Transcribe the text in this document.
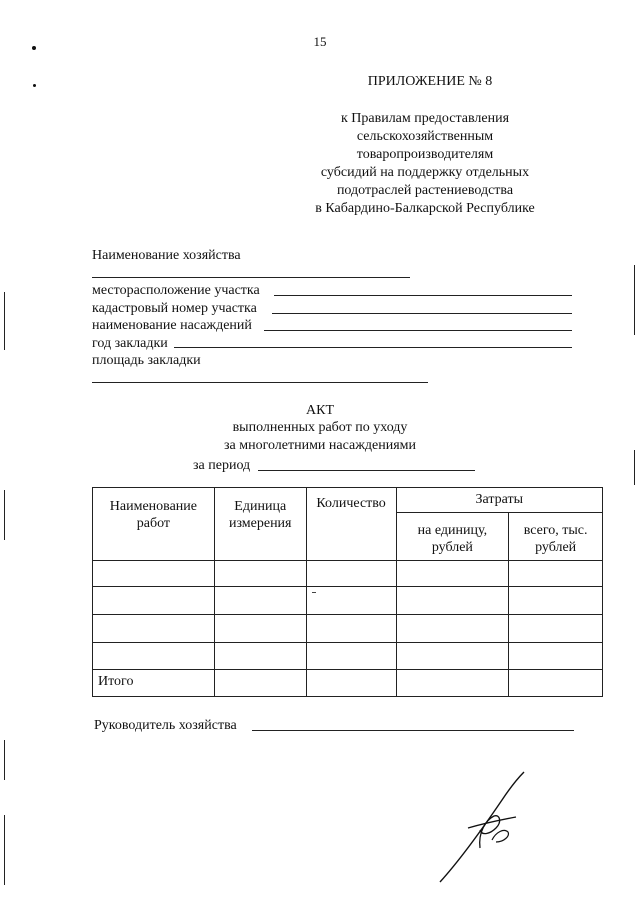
15
ПРИЛОЖЕНИЕ № 8
к Правилам предоставления
сельскохозяйственным
товаропроизводителям
субсидий на поддержку отдельных
подотраслей растениеводства
в Кабардино-Балкарской Республике
Наименование хозяйства
месторасположение участка
кадастровый номер участка
наименование насаждений
год закладки
площадь закладки
АКТ
выполненных работ по уходу
за многолетними насаждениями
за период
Наименование работ	Единица измерения	Количество	Затраты	
			на единицу, рублей	всего, тыс. рублей

Итого				
Руководитель хозяйства
